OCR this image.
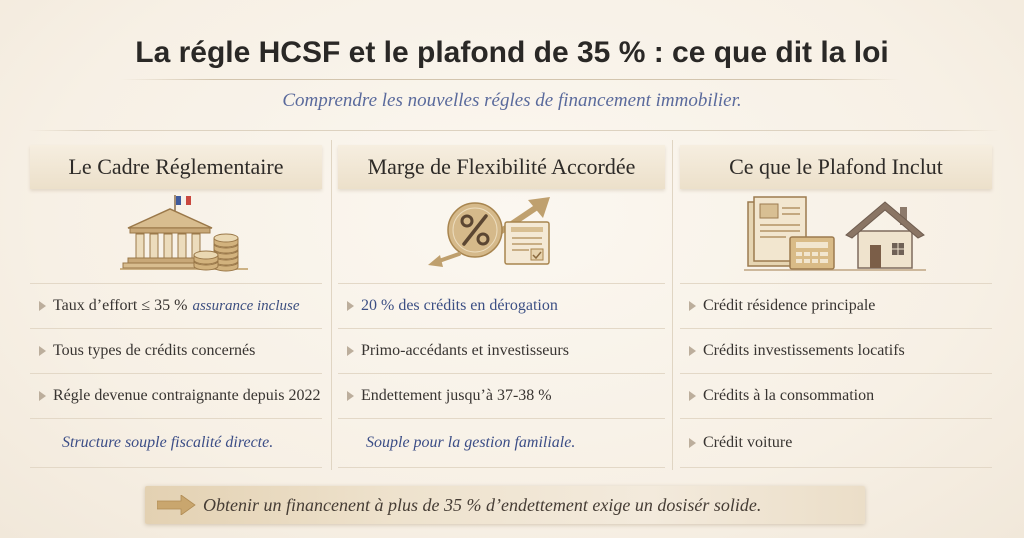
La régle HCSF et le plafond de 35 % : ce que dit la loi
Comprendre les nouvelles régles de financement immobilier.
Le Cadre Réglementaire
Taux d’effort ≤ 35 % assurance incluse
Tous types de crédits concernés
Régle devenue contraignante depuis 2022
Structure souple fiscalité directe.
Marge de Flexibilité Accordée
20 % des crédits en dérogation
Primo-accédants et investisseurs
Endettement jusqu’à 37-38 %
Souple pour la gestion familiale.
Ce que le Plafond Inclut
Crédit résidence principale
Crédits investissements locatifs
Crédits à la consommation
Crédit voiture
Obtenir un financenent à plus de 35 % d’endettement exige un dosisér solide.
